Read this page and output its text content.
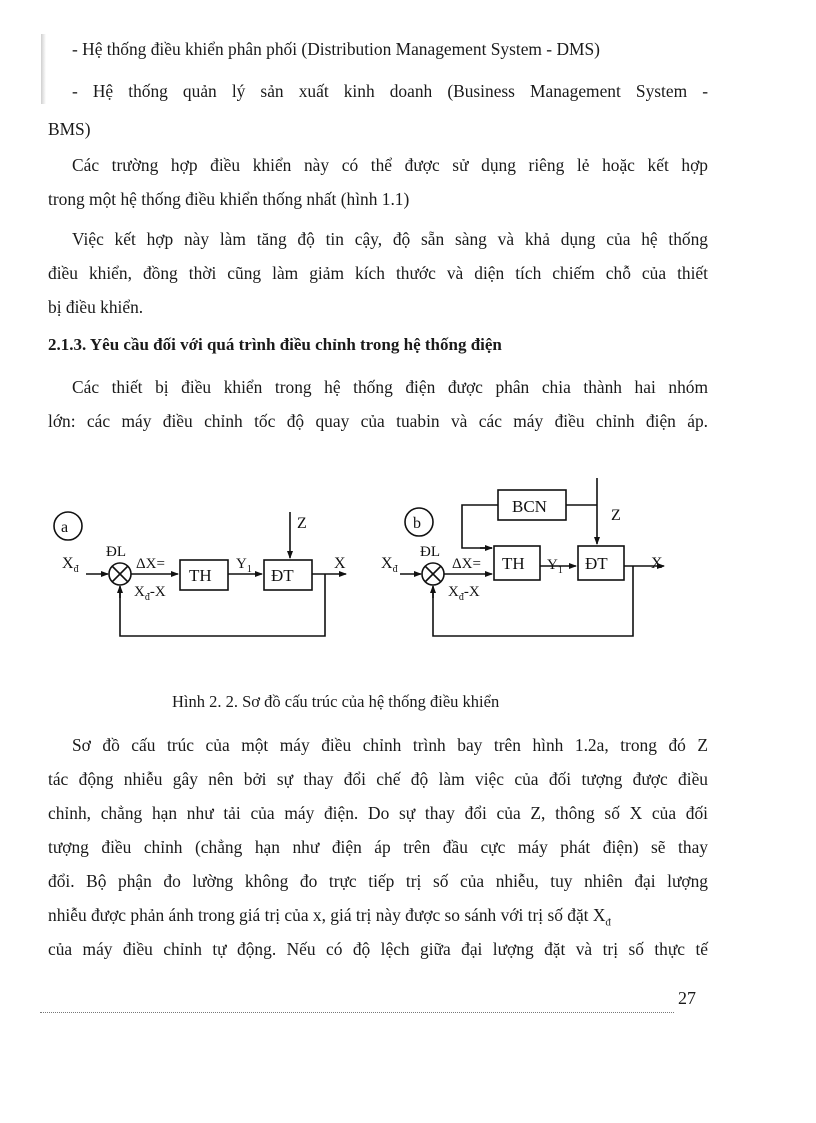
- Hệ thống điều khiển phân phối (Distribution Management System - DMS)
- Hệ thống quản lý sản xuất kinh doanh (Business Management System -
BMS)
Các trường hợp điều khiển này có thể được sử dụng riêng lẻ hoặc kết hợp
trong một hệ thống điều khiển thống nhất (hình 1.1)
Việc kết hợp này làm tăng độ tin cậy, độ sẵn sàng và khả dụng của hệ thống
điều khiển, đồng thời cũng làm giảm kích thước và diện tích chiếm chỗ của thiết
bị điều khiển.
2.1.3. Yêu cầu đối với quá trình điều chỉnh trong hệ thống điện
Các thiết bị điều khiển trong hệ thống điện được phân chia thành hai nhóm
lớn: các máy điều chỉnh tốc độ quay của tuabin và các máy điều chỉnh điện áp.
a
ĐL
$X_đ$	ΔX=
$X_đ-X$
TH
$Y_1$ ĐT
Z
X
b
ĐL
$X_đ$	ΔX=
$X_đ-X$
TH $Y_1$ ĐT
BCN	Z
X
Hình 2. 2. Sơ đồ cấu trúc của hệ thống điều khiển
Sơ đồ cấu trúc của một máy điều chỉnh trình bay trên hình 1.2a, trong đó Z
tác động nhiễu gây nên bởi sự thay đổi chế độ làm việc của đối tượng được điều
chỉnh, chẳng hạn như tải của máy điện. Do sự thay đổi của Z, thông số X của đối
tượng điều chỉnh (chẳng hạn như điện áp trên đầu cực máy phát điện) sẽ thay
đổi. Bộ phận đo lường không đo trực tiếp trị số của nhiễu, tuy nhiên đại lượng
nhiễu được phản ánh trong giá trị của x, giá trị này được so sánh với trị số đặt $X_đ$
của máy điều chỉnh tự động. Nếu có độ lệch giữa đại lượng đặt và trị số thực tế
27
